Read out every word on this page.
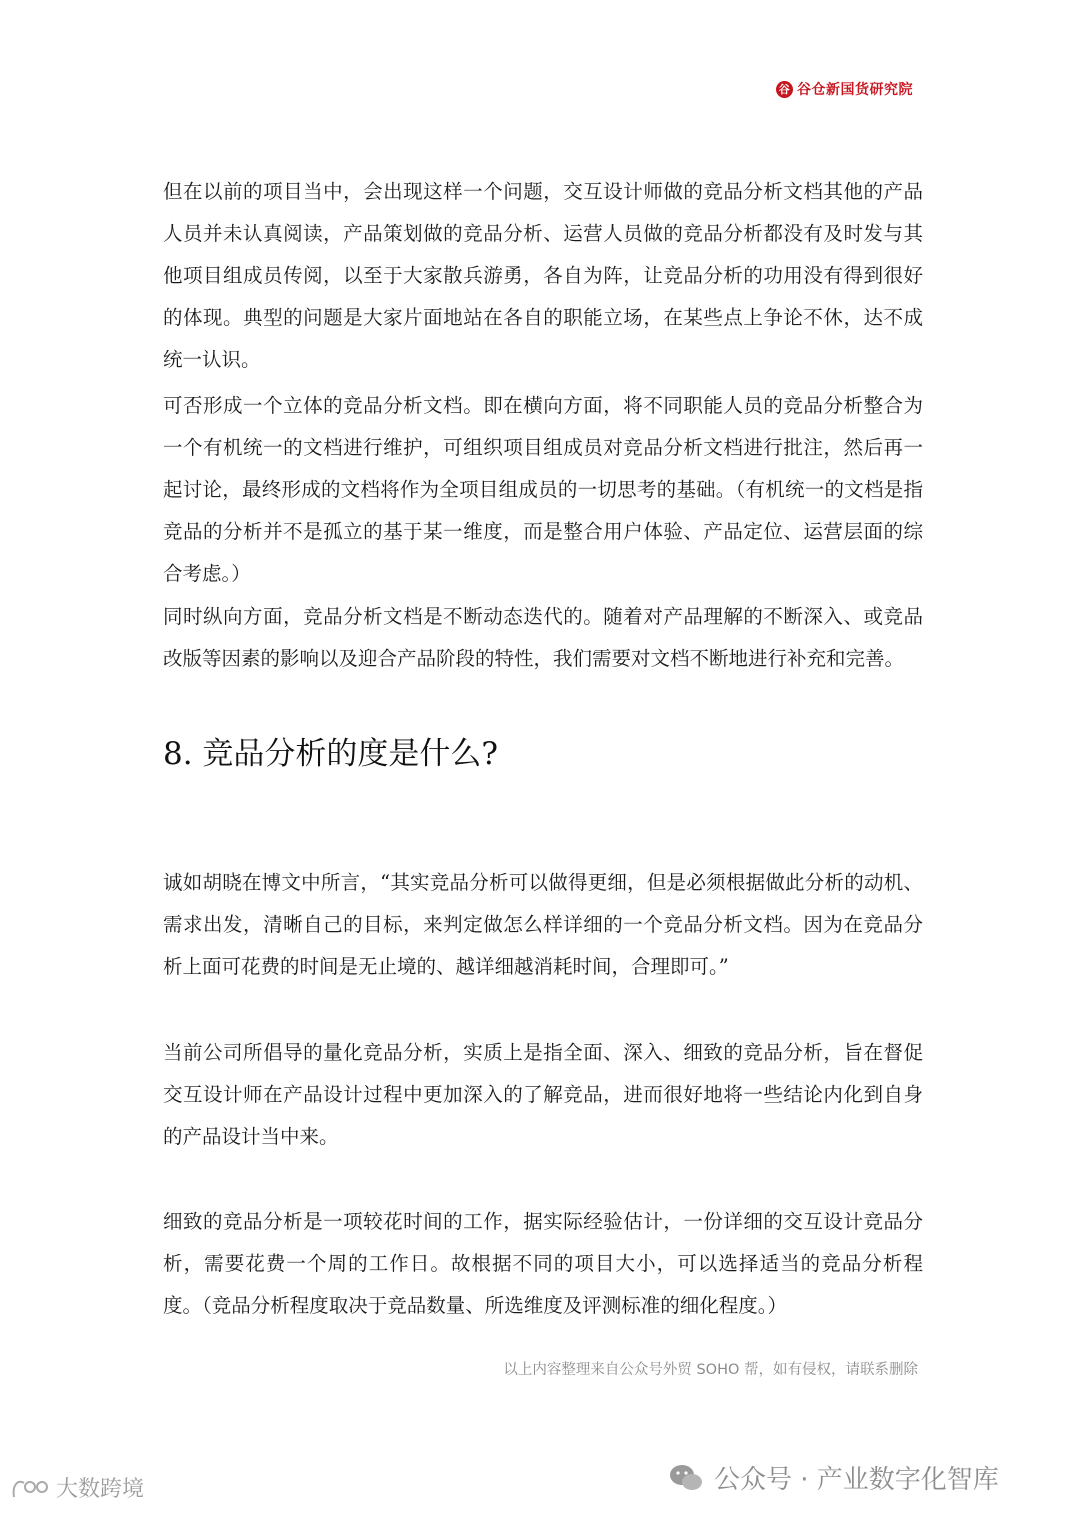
谷 谷仓新国货研究院

但在以前的项目当中，会出现这样一个问题，交互设计师做的竞品分析文档其他的产品人员并未认真阅读，产品策划做的竞品分析、运营人员做的竞品分析都没有及时发与其他项目组成员传阅，以至于大家散兵游勇，各自为阵，让竞品分析的功用没有得到很好的体现。典型的问题是大家片面地站在各自的职能立场，在某些点上争论不休，达不成统一认识。

可否形成一个立体的竞品分析文档。即在横向方面，将不同职能人员的竞品分析整合为一个有机统一的文档进行维护，可组织项目组成员对竞品分析文档进行批注，然后再一起讨论，最终形成的文档将作为全项目组成员的一切思考的基础。（有机统一的文档是指竞品的分析并不是孤立的基于某一维度，而是整合用户体验、产品定位、运营层面的综合考虑。）

同时纵向方面，竞品分析文档是不断动态迭代的。随着对产品理解的不断深入、或竞品改版等因素的影响以及迎合产品阶段的特性，我们需要对文档不断地进行补充和完善。

8. 竞品分析的度是什么?

诚如胡晓在博文中所言，“其实竞品分析可以做得更细，但是必须根据做此分析的动机、需求出发，清晰自己的目标，来判定做怎么样详细的一个竞品分析文档。因为在竞品分析上面可花费的时间是无止境的、越详细越消耗时间，合理即可。”

当前公司所倡导的量化竞品分析，实质上是指全面、深入、细致的竞品分析，旨在督促交互设计师在产品设计过程中更加深入的了解竞品，进而很好地将一些结论内化到自身的产品设计当中来。

细致的竞品分析是一项较花时间的工作，据实际经验估计，一份详细的交互设计竞品分析，需要花费一个周的工作日。故根据不同的项目大小，可以选择适当的竞品分析程度。（竞品分析程度取决于竞品数量、所选维度及评测标准的细化程度。）

以上内容整理来自公众号外贸 SOHO 帮，如有侵权，请联系删除
公众号 · 产业数字化智库
大数跨境
